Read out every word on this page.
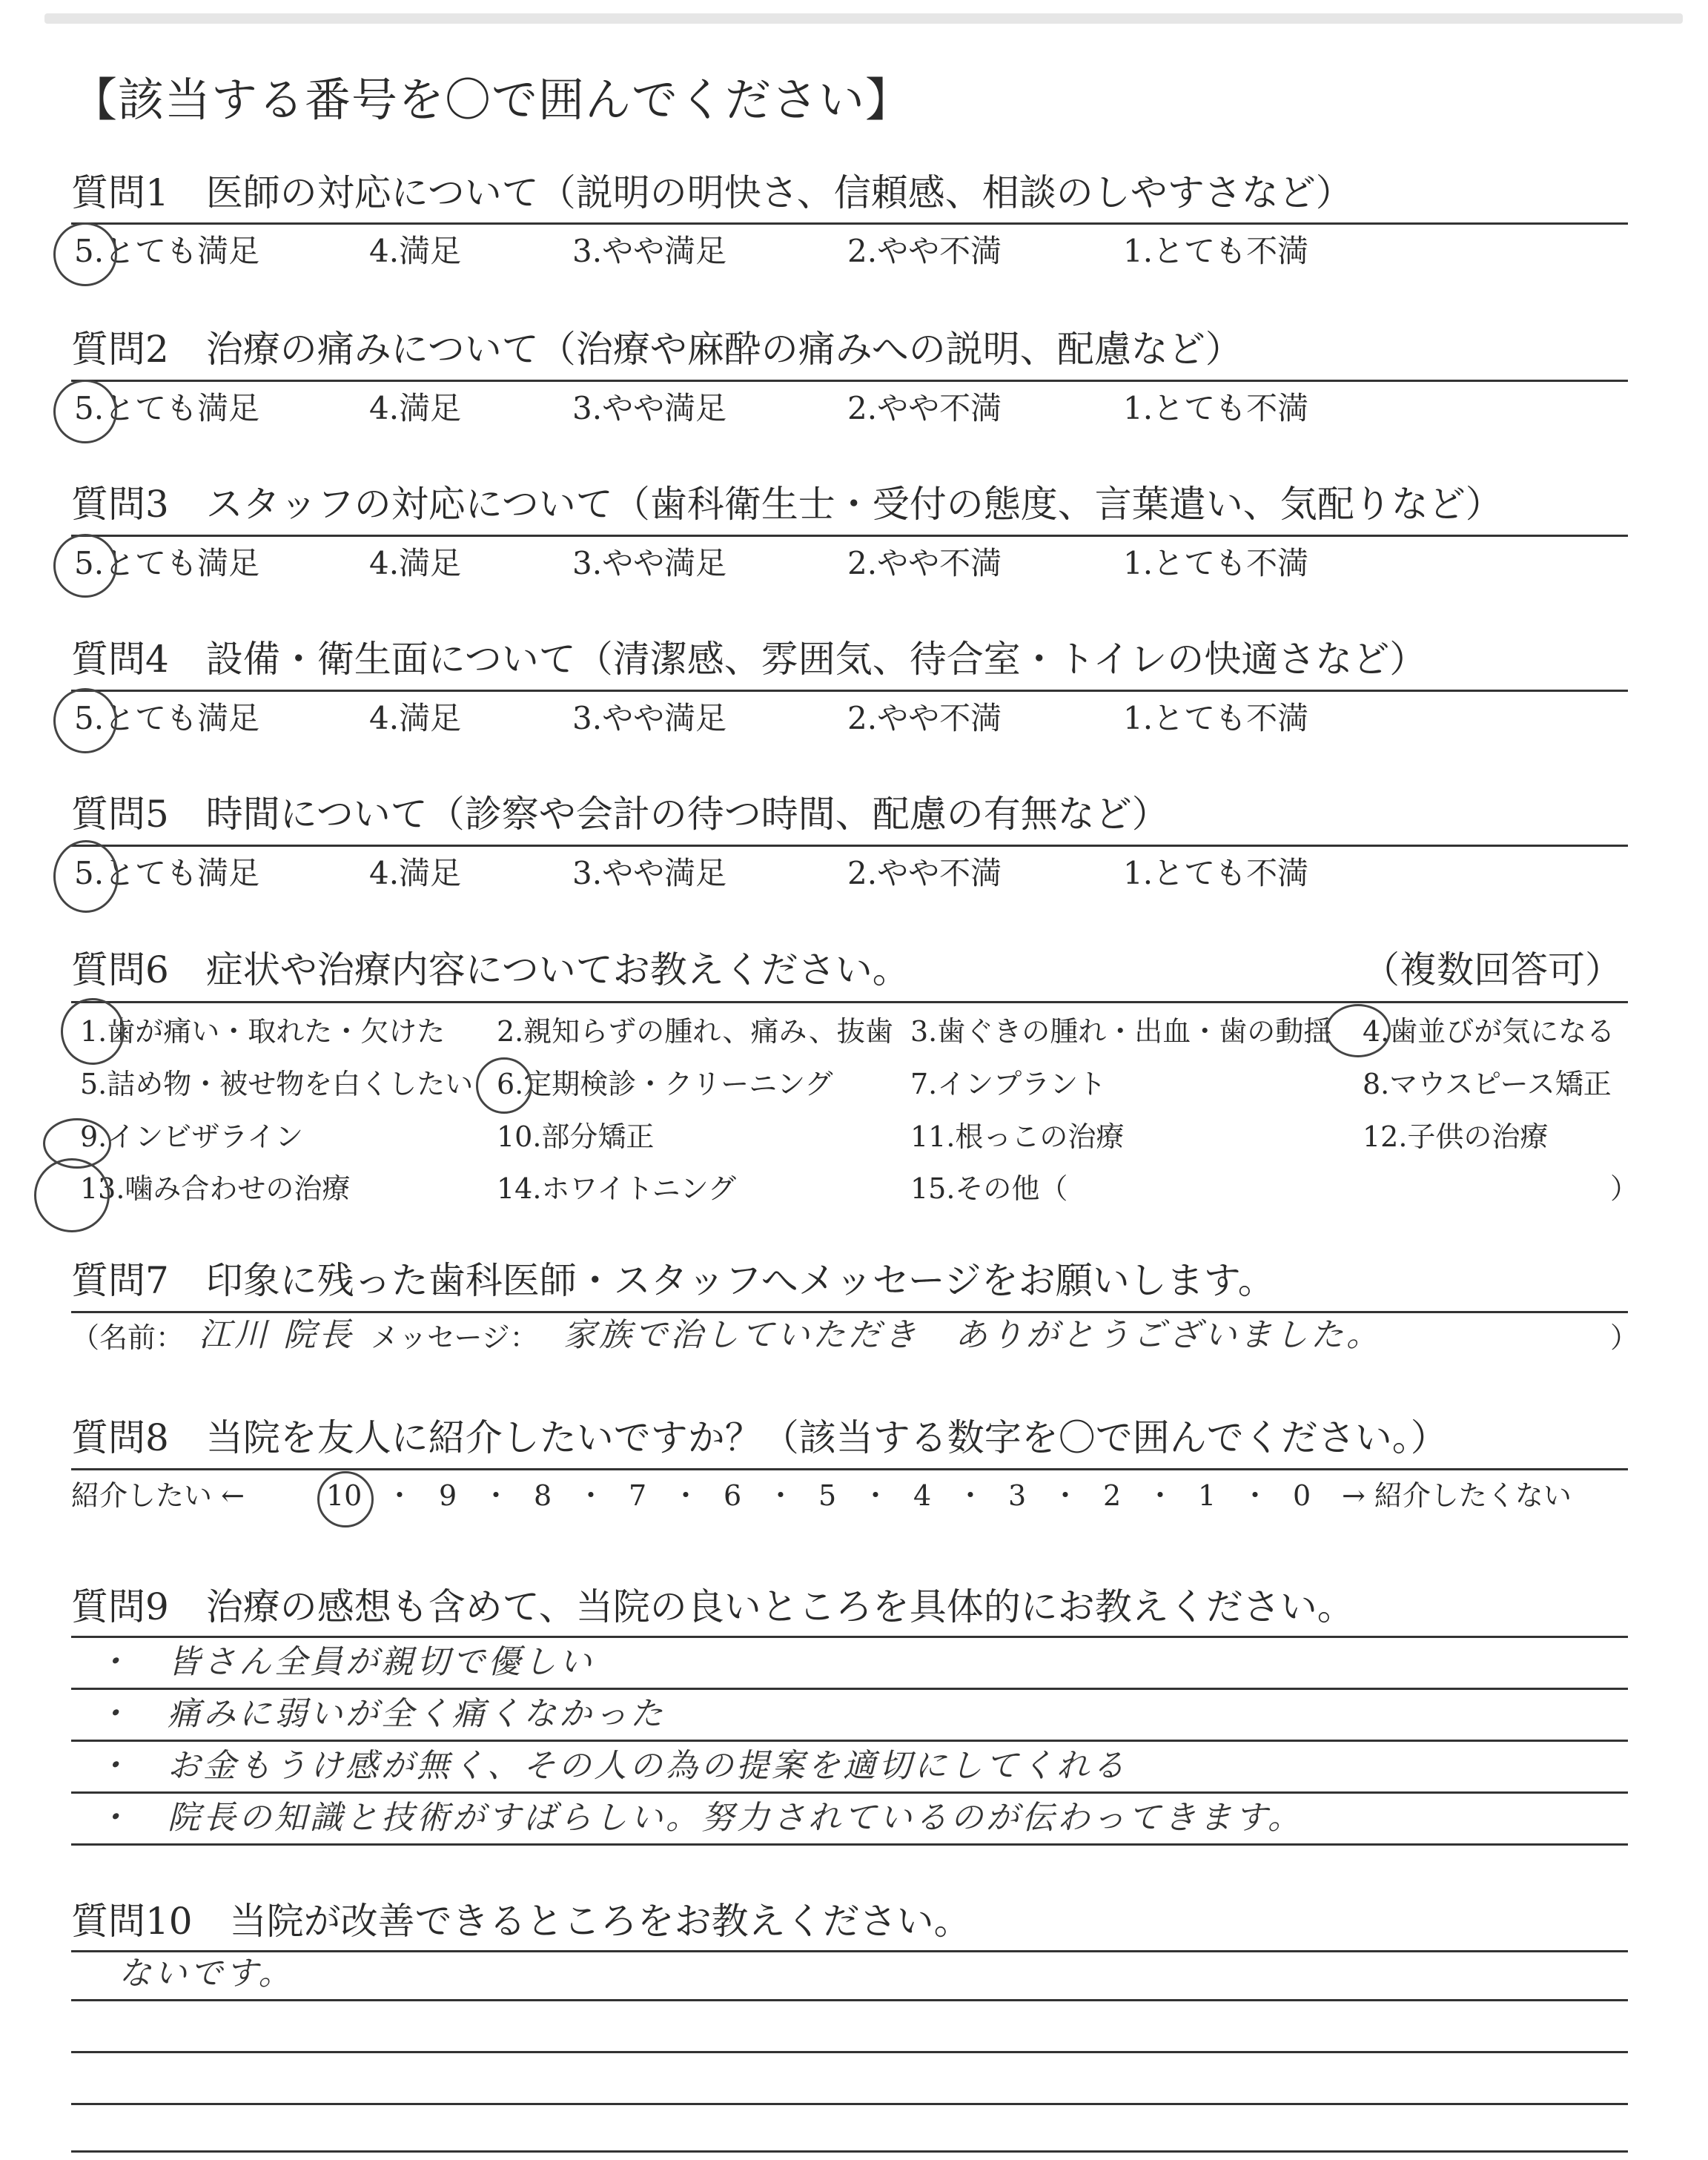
【該当する番号を〇で囲んでください】
質問1　医師の対応について（説明の明快さ、信頼感、相談のしやすさなど）
5.とても満足	4.満足	3.やや満足	2.やや不満	1.とても不満
質問2　治療の痛みについて（治療や麻酔の痛みへの説明、配慮など）
5.とても満足	4.満足	3.やや満足	2.やや不満	1.とても不満
質問3　スタッフの対応について（歯科衛生士・受付の態度、言葉遣い、気配りなど）
5.とても満足	4.満足	3.やや満足	2.やや不満	1.とても不満
質問4　設備・衛生面について（清潔感、雰囲気、待合室・トイレの快適さなど）
5.とても満足	4.満足	3.やや満足	2.やや不満	1.とても不満
質問5　時間について（診察や会計の待つ時間、配慮の有無など）
5.とても満足	4.満足	3.やや満足	2.やや不満	1.とても不満
質問6　症状や治療内容についてお教えください。	（複数回答可）
1.歯が痛い・取れた・欠けた 2.親知らずの腫れ、痛み、抜歯 3.歯ぐきの腫れ・出血・歯の動揺 4.歯並びが気になる
5.詰め物・被せ物を白くしたい 6.定期検診・クリーニング	7.インプラント	8.マウスピース矯正
9.インビザライン	10.部分矯正	11.根っこの治療	12.子供の治療
13.噛み合わせの治療	14.ホワイトニング	15.その他（	）
質問7　印象に残った歯科医師・スタッフへメッセージをお願いします。
（名前： 江川 院長 メッセージ： 家族で治していただき　ありがとうございました。	）
質問8　当院を友人に紹介したいですか？（該当する数字を〇で囲んでください。）
紹介したい ←	10 ・ 9 ・ 8 ・ 7 ・ 6 ・ 5 ・ 4 ・ 3 ・ 2 ・ 1 ・ 0 → 紹介したくない
質問9　治療の感想も含めて、当院の良いところを具体的にお教えください。
・　皆さん全員が親切で優しい
・　痛みに弱いが全く痛くなかった
・　お金もうけ感が無く、その人の為の提案を適切にしてくれる
・　院長の知識と技術がすばらしい。努力されているのが伝わってきます。
質問10　当院が改善できるところをお教えください。
ないです。
